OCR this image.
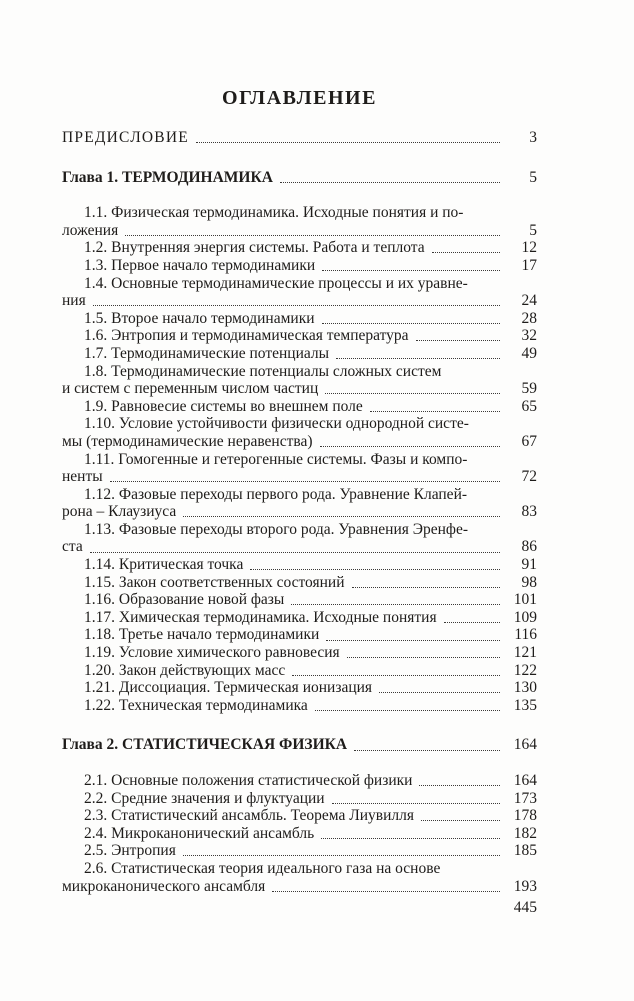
ОГЛАВЛЕНИЕ
ПРЕДИСЛОВИЕ	3
Глава 1. ТЕРМОДИНАМИКА	5
1.1. Физическая термодинамика. Исходные понятия и по-
ложения	5
1.2. Внутренняя энергия системы. Работа и теплота	12
1.3. Первое начало термодинамики	17
1.4. Основные термодинамические процессы и их уравне-
ния	24
1.5. Второе начало термодинамики	28
1.6. Энтропия и термодинамическая температура	32
1.7. Термодинамические потенциалы	49
1.8. Термодинамические потенциалы сложных систем
и систем с переменным числом частиц	59
1.9. Равновесие системы во внешнем поле	65
1.10. Условие устойчивости физически однородной систе-
мы (термодинамические неравенства)	67
1.11. Гомогенные и гетерогенные системы. Фазы и компо-
ненты	72
1.12. Фазовые переходы первого рода. Уравнение Клапей-
рона – Клаузиуса	83
1.13. Фазовые переходы второго рода. Уравнения Эренфе-
ста	86
1.14. Критическая точка	91
1.15. Закон соответственных состояний	98
1.16. Образование новой фазы	101
1.17. Химическая термодинамика. Исходные понятия	109
1.18. Третье начало термодинамики	116
1.19. Условие химического равновесия	121
1.20. Закон действующих масс	122
1.21. Диссоциация. Термическая ионизация	130
1.22. Техническая термодинамика	135
Глава 2. СТАТИСТИЧЕСКАЯ ФИЗИКА	164
2.1. Основные положения статистической физики	164
2.2. Средние значения и флуктуации	173
2.3. Статистический ансамбль. Теорема Лиувилля	178
2.4. Микроканонический ансамбль	182
2.5. Энтропия	185
2.6. Статистическая теория идеального газа на основе
микроканонического ансамбля	193
445
